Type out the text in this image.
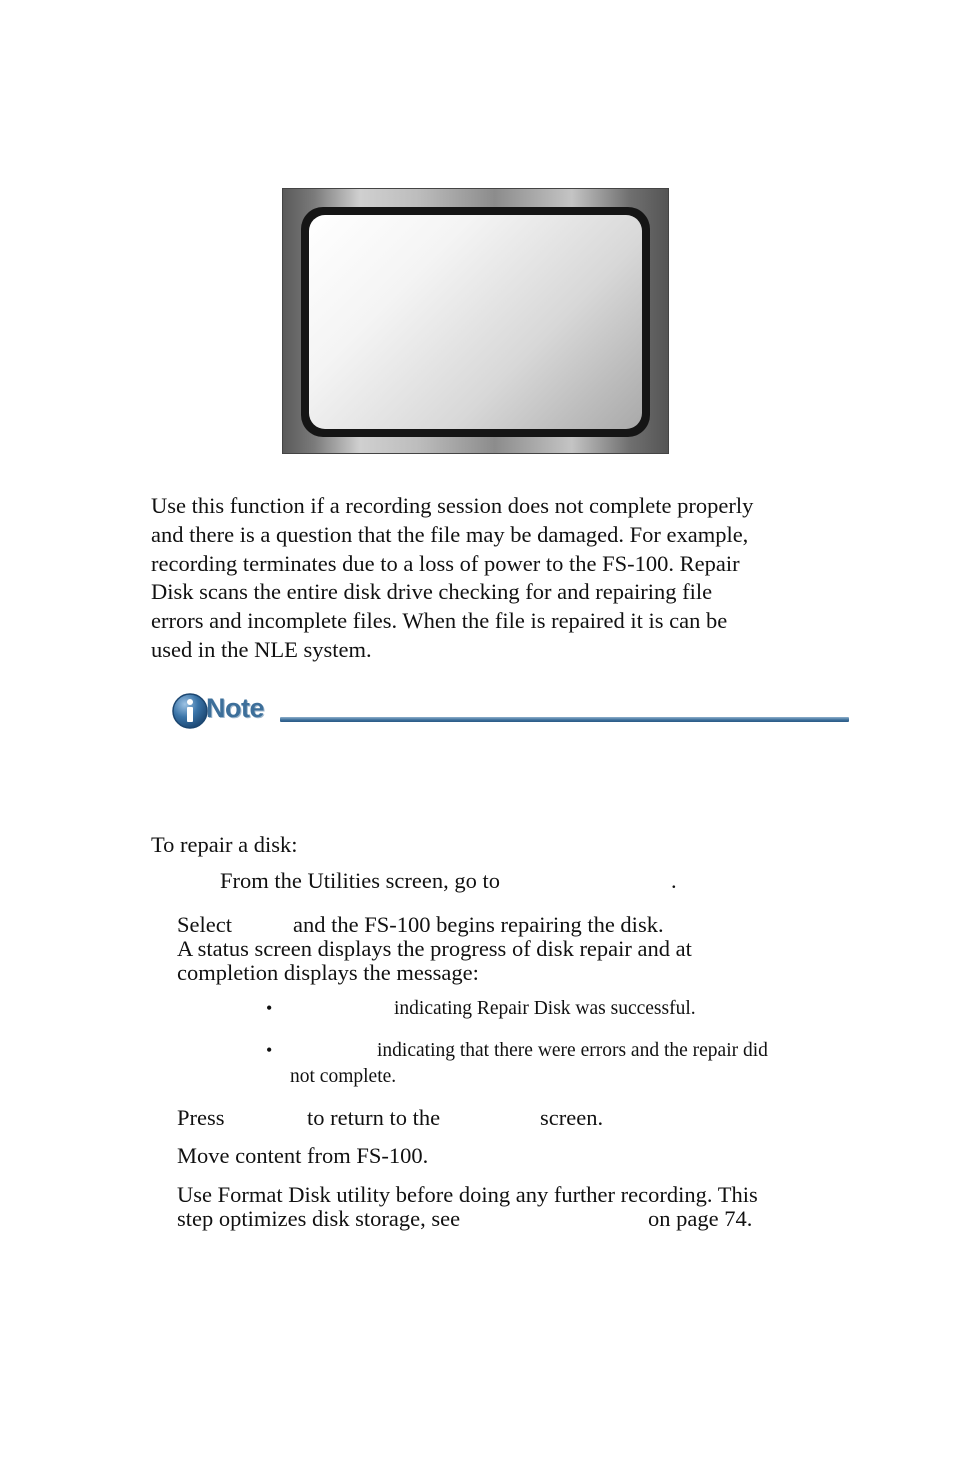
Use this function if a recording session does not complete properly
and there is a question that the file may be damaged. For example,
recording terminates due to a loss of power to the FS-100. Repair
Disk scans the entire disk drive checking for and repairing file
errors and incomplete files. When the file is repaired it is can be
used in the NLE system.
Note
To repair a disk:
From the Utilities screen, go to	.
Select	and the FS-100 begins repairing the disk.
A status screen displays the progress of disk repair and at
completion displays the message:
•	indicating Repair Disk was successful.
•	indicating that there were errors and the repair did
not complete.
Press	to return to the	screen.
Move content from FS-100.
Use Format Disk utility before doing any further recording. This
step optimizes disk storage, see	on page 74.
